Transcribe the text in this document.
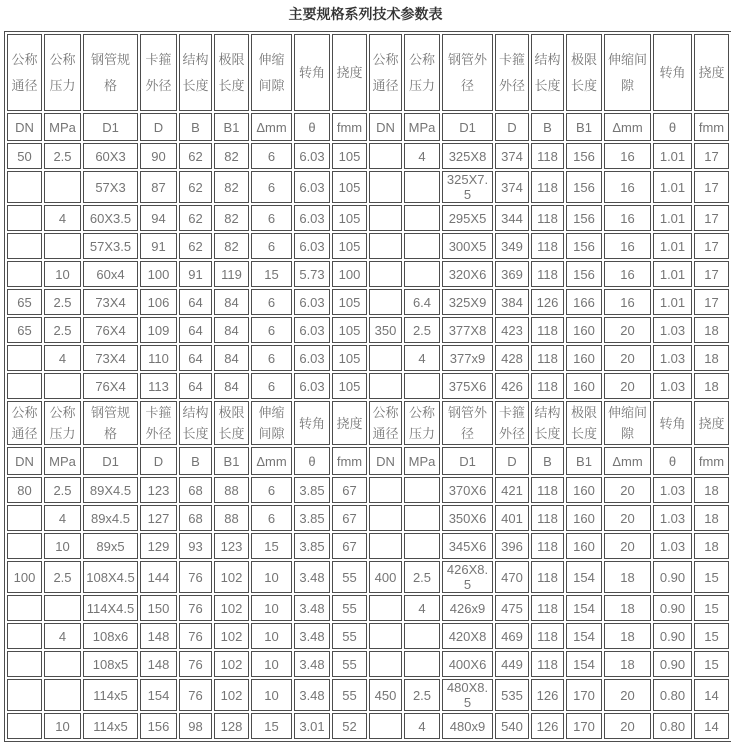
主要规格系列技术参数表
公称通径	公称压力	钢管规格	卡箍外径	结构长度	极限长度	伸缩间隙	转角	挠度	公称通径	公称压力	钢管外径	卡箍外径	结构长度	极限长度	伸缩间隙	转角	挠度
DN	MPa	D1	D	B	B1	Δmm	θ	fmm	DN	MPa	D1	D	B	B1	Δmm	θ	fmm
50	2.5	60X3	90	62	82	6	6.03	105		4	325X8	374	118	156	16	1.01	17
		57X3	87	62	82	6	6.03	105			325X7.5	374	118	156	16	1.01	17
	4	60X3.5	94	62	82	6	6.03	105			295X5	344	118	156	16	1.01	17
		57X3.5	91	62	82	6	6.03	105			300X5	349	118	156	16	1.01	17
	10	60x4	100	91	119	15	5.73	100			320X6	369	118	156	16	1.01	17
65	2.5	73X4	106	64	84	6	6.03	105		6.4	325X9	384	126	166	16	1.01	17
65	2.5	76X4	109	64	84	6	6.03	105	350	2.5	377X8	423	118	160	20	1.03	18
	4	73X4	110	64	84	6	6.03	105		4	377x9	428	118	160	20	1.03	18
		76X4	113	64	84	6	6.03	105			375X6	426	118	160	20	1.03	18
公称通径	公称压力	钢管规格	卡箍外径	结构长度	极限长度	伸缩间隙	转角	挠度	公称通径	公称压力	钢管外径	卡箍外径	结构长度	极限长度	伸缩间隙	转角	挠度
DN	MPa	D1	D	B	B1	Δmm	θ	fmm	DN	MPa	D1	D	B	B1	Δmm	θ	fmm
80	2.5	89X4.5	123	68	88	6	3.85	67			370X6	421	118	160	20	1.03	18
	4	89x4.5	127	68	88	6	3.85	67			350X6	401	118	160	20	1.03	18
	10	89x5	129	93	123	15	3.85	67			345X6	396	118	160	20	1.03	18
100	2.5	108X4.5	144	76	102	10	3.48	55	400	2.5	426X8.5	470	118	154	18	0.90	15
		114X4.5	150	76	102	10	3.48	55		4	426x9	475	118	154	18	0.90	15
	4	108x6	148	76	102	10	3.48	55			420X8	469	118	154	18	0.90	15
		108x5	148	76	102	10	3.48	55			400X6	449	118	154	18	0.90	15
		114x5	154	76	102	10	3.48	55	450	2.5	480X8.5	535	126	170	20	0.80	14
	10	114x5	156	98	128	15	3.01	52		4	480x9	540	126	170	20	0.80	14
